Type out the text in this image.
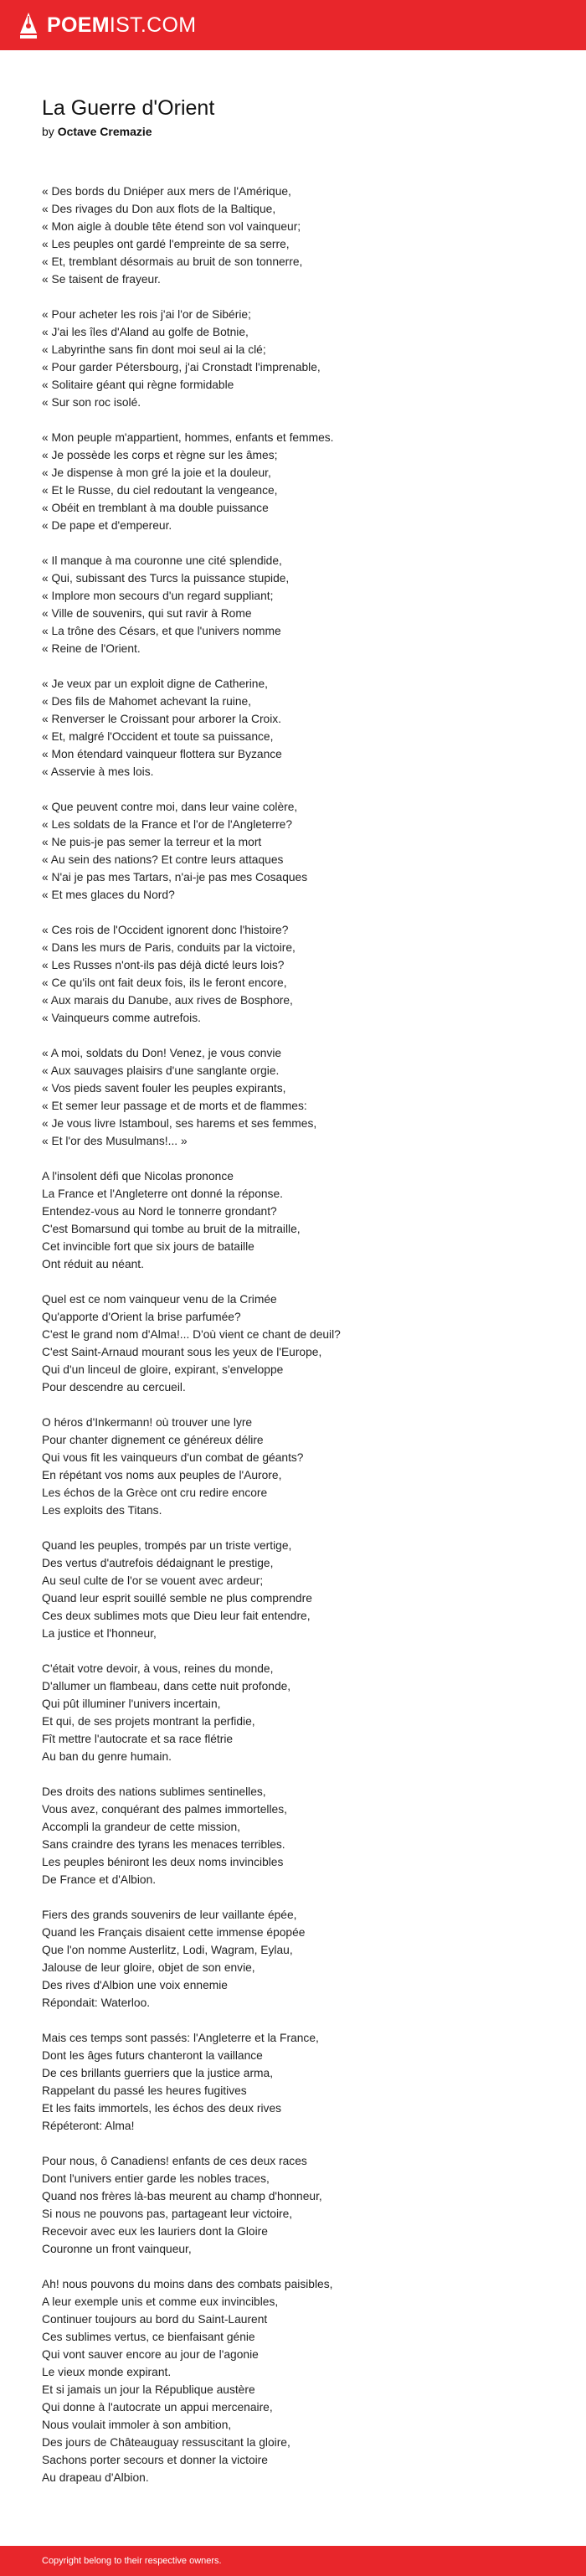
POEMIST.COM
La Guerre d'Orient
by Octave Cremazie
« Des bords du Dniéper aux mers de l'Amérique,
« Des rivages du Don aux flots de la Baltique,
« Mon aigle à double tête étend son vol vainqueur;
« Les peuples ont gardé l'empreinte de sa serre,
« Et, tremblant désormais au bruit de son tonnerre,
« Se taisent de frayeur.
« Pour acheter les rois j'ai l'or de Sibérie;
« J'ai les îles d'Aland au golfe de Botnie,
« Labyrinthe sans fin dont moi seul ai la clé;
« Pour garder Pétersbourg, j'ai Cronstadt l'imprenable,
« Solitaire géant qui règne formidable
« Sur son roc isolé.
« Mon peuple m'appartient, hommes, enfants et femmes.
« Je possède les corps et règne sur les âmes;
« Je dispense à mon gré la joie et la douleur,
« Et le Russe, du ciel redoutant la vengeance,
« Obéit en tremblant à ma double puissance
« De pape et d'empereur.
« Il manque à ma couronne une cité splendide,
« Qui, subissant des Turcs la puissance stupide,
« Implore mon secours d'un regard suppliant;
« Ville de souvenirs, qui sut ravir à Rome
« La trône des Césars, et que l'univers nomme
« Reine de l'Orient.
« Je veux par un exploit digne de Catherine,
« Des fils de Mahomet achevant la ruine,
« Renverser le Croissant pour arborer la Croix.
« Et, malgré l'Occident et toute sa puissance,
« Mon étendard vainqueur flottera sur Byzance
« Asservie à mes lois.
« Que peuvent contre moi, dans leur vaine colère,
« Les soldats de la France et l'or de l'Angleterre?
« Ne puis-je pas semer la terreur et la mort
« Au sein des nations? Et contre leurs attaques
« N'ai je pas mes Tartars, n'ai-je pas mes Cosaques
« Et mes glaces du Nord?
« Ces rois de l'Occident ignorent donc l'histoire?
« Dans les murs de Paris, conduits par la victoire,
« Les Russes n'ont-ils pas déjà dicté leurs lois?
« Ce qu'ils ont fait deux fois, ils le feront encore,
« Aux marais du Danube, aux rives de Bosphore,
« Vainqueurs comme autrefois.
« A moi, soldats du Don! Venez, je vous convie
« Aux sauvages plaisirs d'une sanglante orgie.
« Vos pieds savent fouler les peuples expirants,
« Et semer leur passage et de morts et de flammes:
« Je vous livre Istamboul, ses harems et ses femmes,
« Et l'or des Musulmans!... »
A l'insolent défi que Nicolas prononce
La France et l'Angleterre ont donné la réponse.
Entendez-vous au Nord le tonnerre grondant?
C'est Bomarsund qui tombe au bruit de la mitraille,
Cet invincible fort que six jours de bataille
Ont réduit au néant.
Quel est ce nom vainqueur venu de la Crimée
Qu'apporte d'Orient la brise parfumée?
C'est le grand nom d'Alma!... D'où vient ce chant de deuil?
C'est Saint-Arnaud mourant sous les yeux de l'Europe,
Qui d'un linceul de gloire, expirant, s'enveloppe
Pour descendre au cercueil.
O héros d'Inkermann! où trouver une lyre
Pour chanter dignement ce généreux délire
Qui vous fit les vainqueurs d'un combat de géants?
En répétant vos noms aux peuples de l'Aurore,
Les échos de la Grèce ont cru redire encore
Les exploits des Titans.
Quand les peuples, trompés par un triste vertige,
Des vertus d'autrefois dédaignant le prestige,
Au seul culte de l'or se vouent avec ardeur;
Quand leur esprit souillé semble ne plus comprendre
Ces deux sublimes mots que Dieu leur fait entendre,
La justice et l'honneur,
C'était votre devoir, à vous, reines du monde,
D'allumer un flambeau, dans cette nuit profonde,
Qui pût illuminer l'univers incertain,
Et qui, de ses projets montrant la perfidie,
Fît mettre l'autocrate et sa race flétrie
Au ban du genre humain.
Des droits des nations sublimes sentinelles,
Vous avez, conquérant des palmes immortelles,
Accompli la grandeur de cette mission,
Sans craindre des tyrans les menaces terribles.
Les peuples béniront les deux noms invincibles
De France et d'Albion.
Fiers des grands souvenirs de leur vaillante épée,
Quand les Français disaient cette immense épopée
Que l'on nomme Austerlitz, Lodi, Wagram, Eylau,
Jalouse de leur gloire, objet de son envie,
Des rives d'Albion une voix ennemie
Répondait: Waterloo.
Mais ces temps sont passés: l'Angleterre et la France,
Dont les âges futurs chanteront la vaillance
De ces brillants guerriers que la justice arma,
Rappelant du passé les heures fugitives
Et les faits immortels, les échos des deux rives
Répéteront: Alma!
Pour nous, ô Canadiens! enfants de ces deux races
Dont l'univers entier garde les nobles traces,
Quand nos frères là-bas meurent au champ d'honneur,
Si nous ne pouvons pas, partageant leur victoire,
Recevoir avec eux les lauriers dont la Gloire
Couronne un front vainqueur,
Ah! nous pouvons du moins dans des combats paisibles,
A leur exemple unis et comme eux invincibles,
Continuer toujours au bord du Saint-Laurent
Ces sublimes vertus, ce bienfaisant génie
Qui vont sauver encore au jour de l'agonie
Le vieux monde expirant.
Et si jamais un jour la République austère
Qui donne à l'autocrate un appui mercenaire,
Nous voulait immoler à son ambition,
Des jours de Châteauguay ressuscitant la gloire,
Sachons porter secours et donner la victoire
Au drapeau d'Albion.
Copyright belong to their respective owners.
